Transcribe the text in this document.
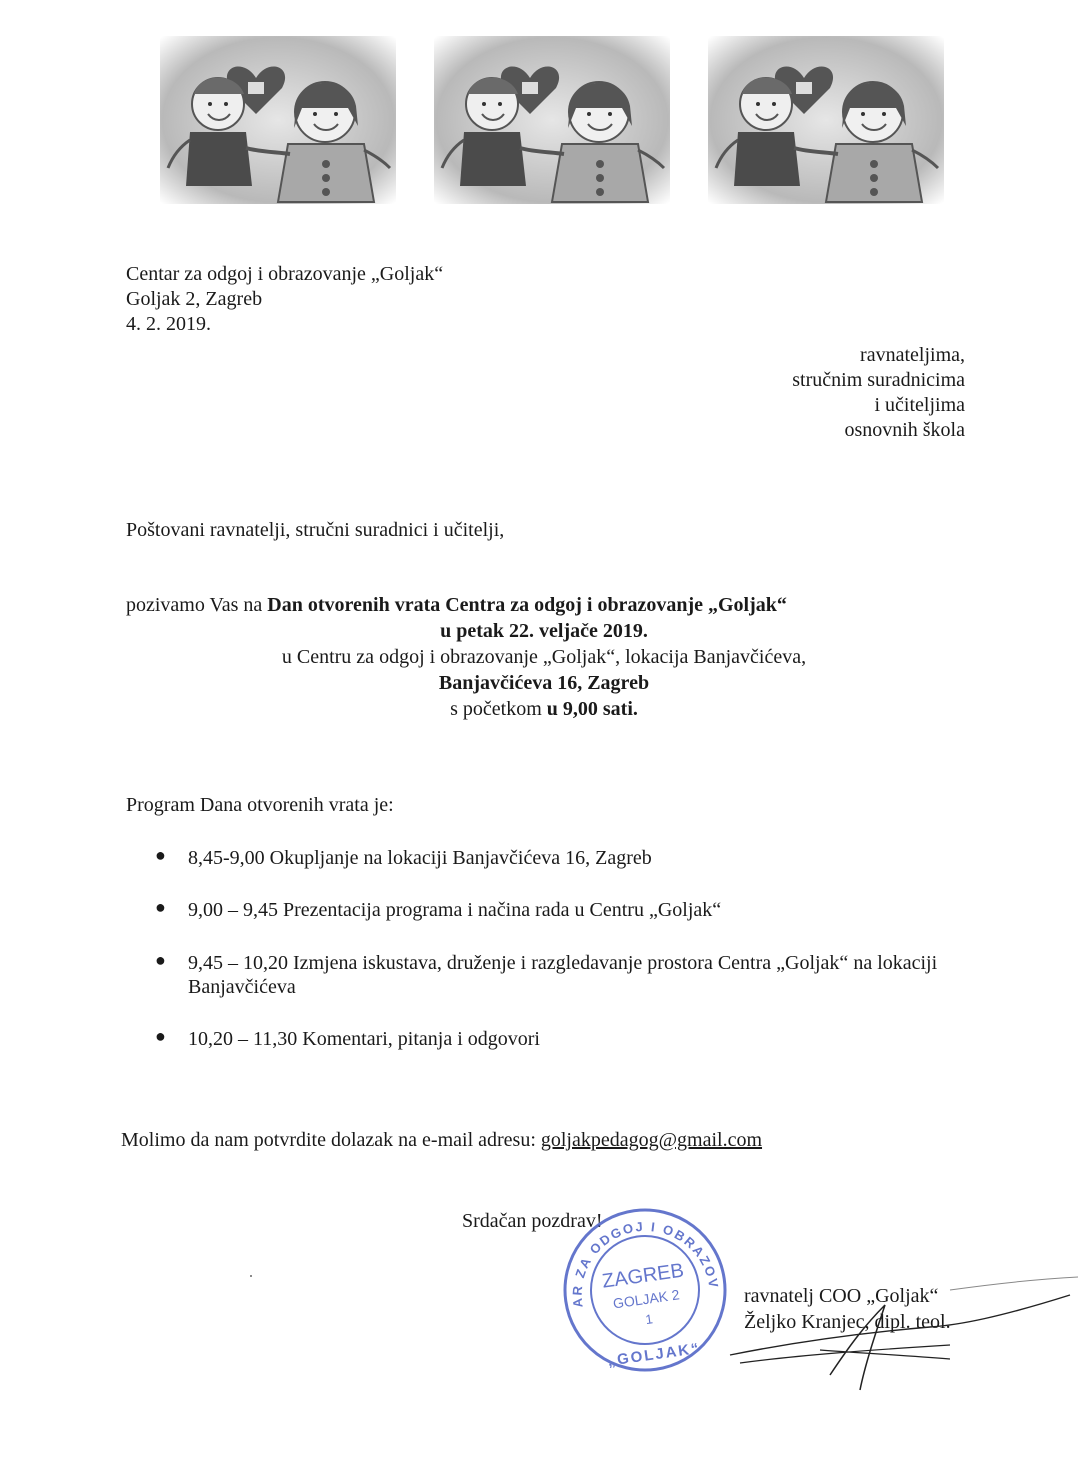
Centar za odgoj i obrazovanje „Goljak“
Goljak 2, Zagreb
4. 2. 2019.
ravnateljima,
stručnim suradnicima
i učiteljima
osnovnih škola
Poštovani ravnatelji, stručni suradnici i učitelji,
pozivamo Vas na Dan otvorenih vrata Centra za odgoj i obrazovanje „Goljak“
u petak 22. veljače 2019.
u Centru za odgoj i obrazovanje „Goljak“, lokacija Banjavčićeva,
Banjavčićeva 16, Zagreb
s početkom u 9,00 sati.
Program Dana otvorenih vrata je:
● 8,45-9,00 Okupljanje na lokaciji Banjavčićeva 16, Zagreb
● 9,00 – 9,45 Prezentacija programa i načina rada u Centru „Goljak“
● 9,45 – 10,20 Izmjena iskustava, druženje i razgledavanje prostora Centra „Goljak“ na lokaciji Banjavčićeva
● 10,20 – 11,30 Komentari, pitanja i odgovori
Molimo da nam potvrdite dolazak na e-mail adresu: goljakpedagog@gmail.com
Srdačan pozdrav!
CENTAR ZA ODGOJ I OBRAZOVANJE
ZAGREB
GOLJAK 2
1
„GOLJAK“
ravnatelj COO „Goljak“
Željko Kranjec, dipl. teol.
